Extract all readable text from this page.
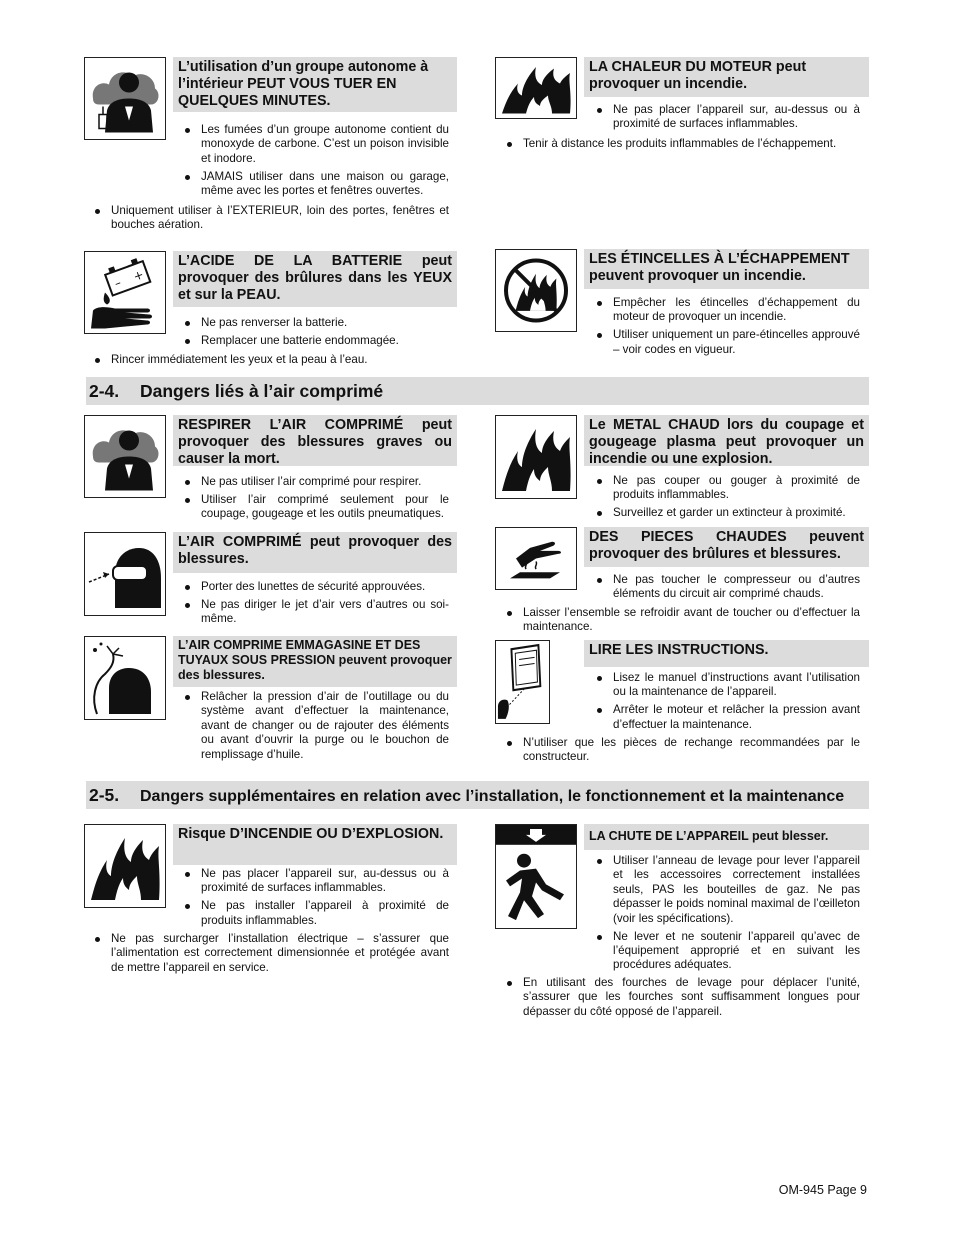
L’utilisation d’un groupe autonome à l’intérieur PEUT VOUS TUER EN QUELQUES MINUTES.
Les fumées d’un groupe autonome contient du monoxyde de carbone. C’est un poison invisible et inodore.
JAMAIS utiliser dans une maison ou garage, même avec les portes et fenêtres ouvertes.
Uniquement utiliser à l’EXTERIEUR, loin des portes, fenêtres et bouches aération.
LA CHALEUR DU MOTEUR peut provoquer un incendie.
Ne pas placer l’appareil sur, au-dessus ou à proximité de surfaces inflammables.
Tenir à distance les produits inflammables de l’échappement.
– +
L’ACIDE DE LA BATTERIE peut provoquer des brûlures dans les YEUX et sur la PEAU.
Ne pas renverser la batterie.
Remplacer une batterie endommagée.
Rincer immédiatement les yeux et la peau à l’eau.
LES ÉTINCELLES À L’ÉCHAPPEMENT peuvent provoquer un incendie.
Empêcher les étincelles d’échappement du moteur de provoquer un incendie.
Utiliser uniquement un pare-étincelles approuvé – voir codes en vigueur.
2-4. Dangers liés à l’air comprimé
RESPIRER L’AIR COMPRIMÉ peut provoquer des blessures graves ou causer la mort.
Ne pas utiliser l’air comprimé pour respirer.
Utiliser l’air comprimé seulement pour le coupage, gougeage et les outils pneumatiques.
L’AIR COMPRIMÉ peut provoquer des blessures.
Porter des lunettes de sécurité approuvées.
Ne pas diriger le jet d’air vers d’autres ou soi-même.
L’AIR COMPRIME EMMAGASINE ET DES TUYAUX SOUS PRESSION peuvent provoquer des blessures.
Relâcher la pression d’air de l’outillage ou du système avant d’effectuer la maintenance, avant de changer ou de rajouter des éléments ou avant d’ouvrir la purge ou le bouchon de remplissage d’huile.
Le METAL CHAUD lors du coupage et gougeage plasma peut provoquer un incendie ou une explosion.
Ne pas couper ou gouger à proximité de produits inflammables.
Surveillez et garder un extincteur à proximité.
DES PIECES CHAUDES peuvent provoquer des brûlures et blessures.
Ne pas toucher le compresseur ou d’autres éléments du circuit air comprimé chauds.
Laisser l’ensemble se refroidir avant de toucher ou d’effectuer la maintenance.
LIRE LES INSTRUCTIONS.
Lisez le manuel d’instructions avant l’utilisation ou la maintenance de l’appareil.
Arrêter le moteur et relâcher la pression avant d’effectuer la maintenance.
N’utiliser que les pièces de rechange recommandées par le constructeur.
2-5. Dangers supplémentaires en relation avec l’installation, le fonctionnement et la maintenance
Risque D’INCENDIE OU D’EXPLOSION.
Ne pas placer l’appareil sur, au-dessus ou à proximité de surfaces inflammables.
Ne pas installer l’appareil à proximité de produits inflammables.
Ne pas surcharger l’installation électrique – s’assurer que l’alimentation est correctement dimensionnée et protégée avant de mettre l’appareil en service.
LA CHUTE DE L’APPAREIL peut blesser.
Utiliser l’anneau de levage pour lever l’appareil et les accessoires correctement installées seuls, PAS les bouteilles de gaz. Ne pas dépasser le poids nominal maximal de l’œilleton (voir les spécifications).
Ne lever et ne soutenir l’appareil qu’avec de l’équipement approprié et en suivant les procédures adéquates.
En utilisant des fourches de levage pour déplacer l’unité, s’assurer que les fourches sont suffisamment longues pour dépasser du côté opposé de l’appareil.
OM-945 Page 9
